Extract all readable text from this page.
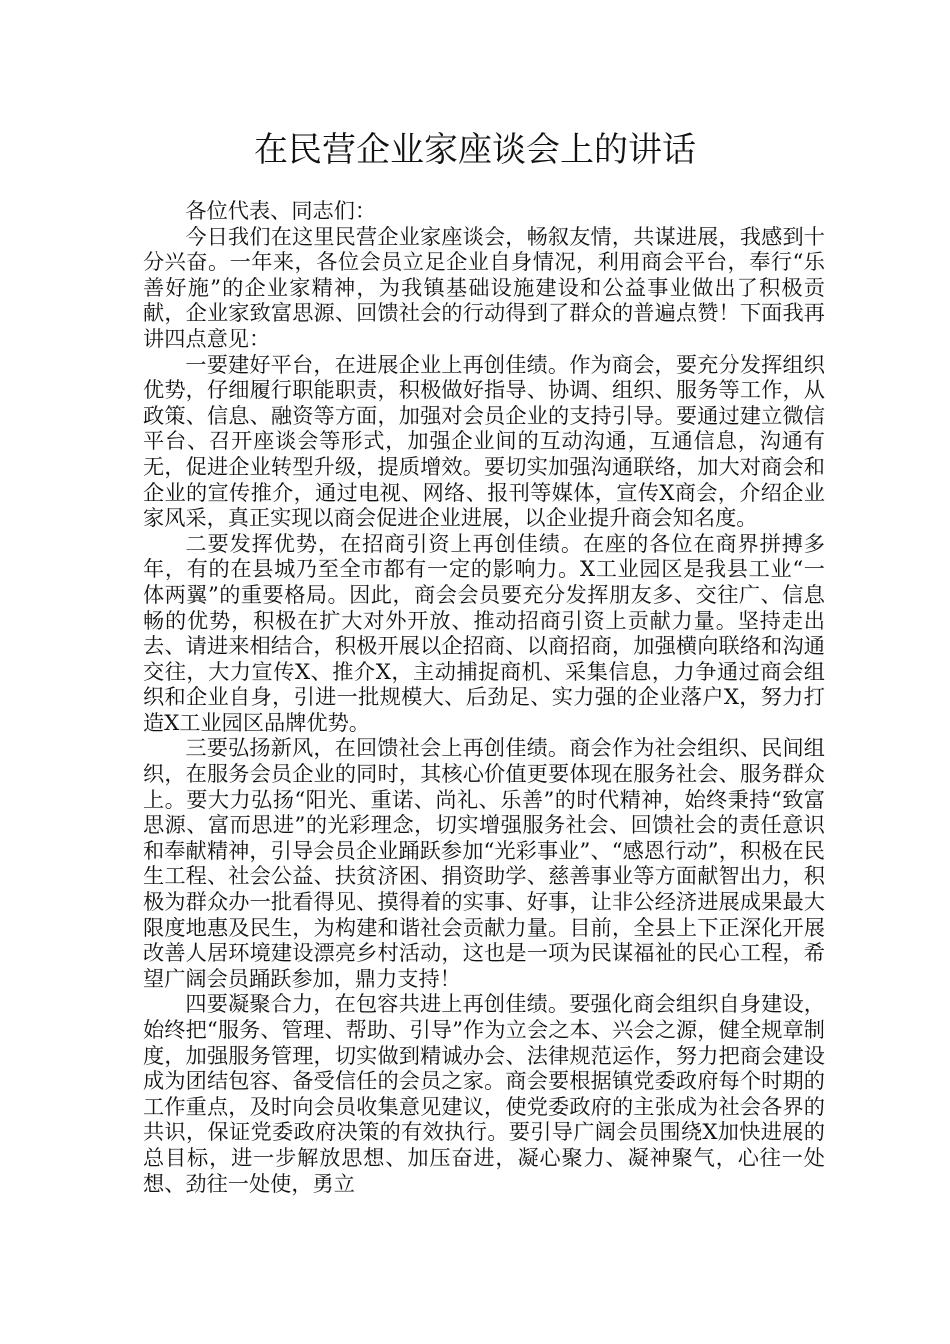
在民营企业家座谈会上的讲话

各位代表、同志们：

今日我们在这里民营企业家座谈会，畅叙友情，共谋进展，我感到十分兴奋。一年来，各位会员立足企业自身情况，利用商会平台，奉行“乐善好施”的企业家精神，为我镇基础设施建设和公益事业做出了积极贡献，企业家致富思源、回馈社会的行动得到了群众的普遍点赞！下面我再讲四点意见：

一要建好平台，在进展企业上再创佳绩。作为商会，要充分发挥组织优势，仔细履行职能职责，积极做好指导、协调、组织、服务等工作，从政策、信息、融资等方面，加强对会员企业的支持引导。要通过建立微信平台、召开座谈会等形式，加强企业间的互动沟通，互通信息，沟通有无，促进企业转型升级，提质增效。要切实加强沟通联络，加大对商会和企业的宣传推介，通过电视、网络、报刊等媒体，宣传X商会，介绍企业家风采，真正实现以商会促进企业进展，以企业提升商会知名度。

二要发挥优势，在招商引资上再创佳绩。在座的各位在商界拼搏多年，有的在县城乃至全市都有一定的影响力。X工业园区是我县工业“一体两翼”的重要格局。因此，商会会员要充分发挥朋友多、交往广、信息畅的优势，积极在扩大对外开放、推动招商引资上贡献力量。坚持走出去、请进来相结合，积极开展以企招商、以商招商，加强横向联络和沟通交往，大力宣传X、推介X，主动捕捉商机、采集信息，力争通过商会组织和企业自身，引进一批规模大、后劲足、实力强的企业落户X，努力打造X工业园区品牌优势。

三要弘扬新风，在回馈社会上再创佳绩。商会作为社会组织、民间组织，在服务会员企业的同时，其核心价值更要体现在服务社会、服务群众上。要大力弘扬“阳光、重诺、尚礼、乐善”的时代精神，始终秉持“致富思源、富而思进”的光彩理念，切实增强服务社会、回馈社会的责任意识和奉献精神，引导会员企业踊跃参加“光彩事业”、“感恩行动”，积极在民生工程、社会公益、扶贫济困、捐资助学、慈善事业等方面献智出力，积极为群众办一批看得见、摸得着的实事、好事，让非公经济进展成果最大限度地惠及民生，为构建和谐社会贡献力量。目前，全县上下正深化开展改善人居环境建设漂亮乡村活动，这也是一项为民谋福祉的民心工程，希望广阔会员踊跃参加，鼎力支持！

四要凝聚合力，在包容共进上再创佳绩。要强化商会组织自身建设，始终把“服务、管理、帮助、引导”作为立会之本、兴会之源，健全规章制度，加强服务管理，切实做到精诚办会、法律规范运作，努力把商会建设成为团结包容、备受信任的会员之家。商会要根据镇党委政府每个时期的工作重点，及时向会员收集意见建议，使党委政府的主张成为社会各界的共识，保证党委政府决策的有效执行。要引导广阔会员围绕X加快进展的总目标，进一步解放思想、加压奋进，凝心聚力、凝神聚气，心往一处想、劲往一处使，勇立
